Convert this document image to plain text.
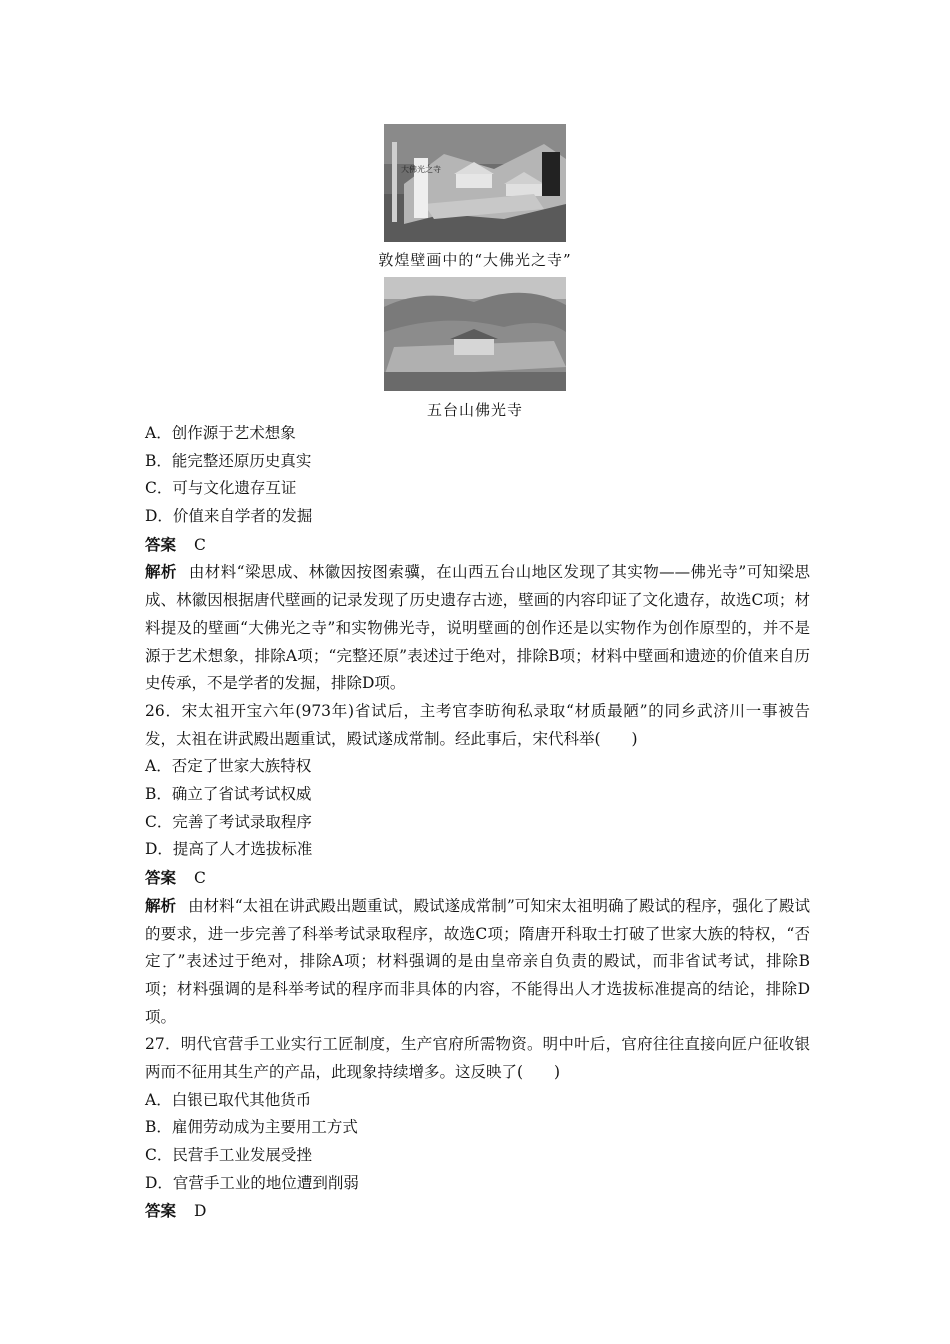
大佛光之寺
敦煌壁画中的“大佛光之寺”
五台山佛光寺
A．创作源于艺术想象
B．能完整还原历史真实
C．可与文化遗存互证
D．价值来自学者的发掘
答案 C
解析 由材料“梁思成、林徽因按图索骥，在山西五台山地区发现了其实物——佛光寺”可知梁思成、林徽因根据唐代壁画的记录发现了历史遗存古迹，壁画的内容印证了文化遗存，故选C项；材料提及的壁画“大佛光之寺”和实物佛光寺，说明壁画的创作还是以实物作为创作原型的，并不是源于艺术想象，排除A项；“完整还原”表述过于绝对，排除B项；材料中壁画和遗迹的价值来自历史传承，不是学者的发掘，排除D项。
26．宋太祖开宝六年(973年)省试后，主考官李昉徇私录取“材质最陋”的同乡武济川一事被告发，太祖在讲武殿出题重试，殿试遂成常制。经此事后，宋代科举(　　)
A．否定了世家大族特权
B．确立了省试考试权威
C．完善了考试录取程序
D．提高了人才选拔标准
答案 C
解析 由材料“太祖在讲武殿出题重试，殿试遂成常制”可知宋太祖明确了殿试的程序，强化了殿试的要求，进一步完善了科举考试录取程序，故选C项；隋唐开科取士打破了世家大族的特权，“否定了”表述过于绝对，排除A项；材料强调的是由皇帝亲自负责的殿试，而非省试考试，排除B项；材料强调的是科举考试的程序而非具体的内容，不能得出人才选拔标准提高的结论，排除D项。
27．明代官营手工业实行工匠制度，生产官府所需物资。明中叶后，官府往往直接向匠户征收银两而不征用其生产的产品，此现象持续增多。这反映了(　　)
A．白银已取代其他货币
B．雇佣劳动成为主要用工方式
C．民营手工业发展受挫
D．官营手工业的地位遭到削弱
答案 D
